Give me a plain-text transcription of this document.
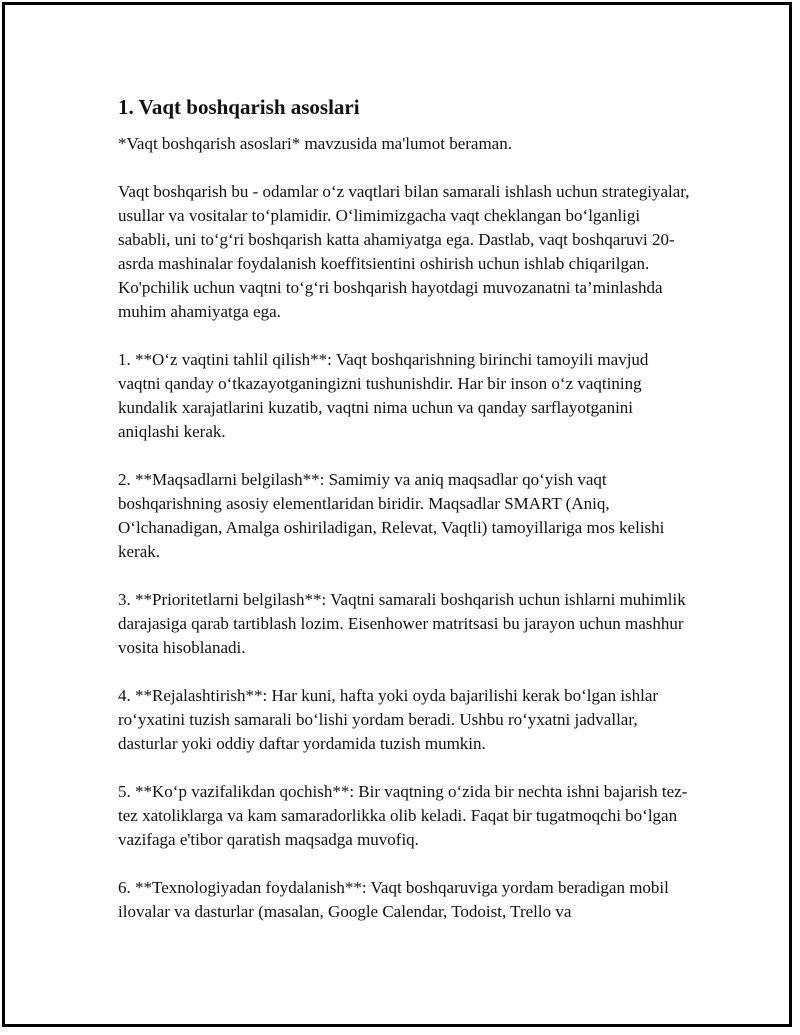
1. Vaqt boshqarish asoslari

*Vaqt boshqarish asoslari* mavzusida ma'lumot beraman.

Vaqt boshqarish bu - odamlar o‘z vaqtlari bilan samarali ishlash uchun strategiyalar, usullar va vositalar to‘plamidir. O‘limimizgacha vaqt cheklangan bo‘lganligi sababli, uni to‘g‘ri boshqarish katta ahamiyatga ega. Dastlab, vaqt boshqaruvi 20-asrda mashinalar foydalanish koeffitsientini oshirish uchun ishlab chiqarilgan. Ko'pchilik uchun vaqtni to‘g‘ri boshqarish hayotdagi muvozanatni ta’minlashda muhim ahamiyatga ega.

1. **O‘z vaqtini tahlil qilish**: Vaqt boshqarishning birinchi tamoyili mavjud vaqtni qanday o‘tkazayotganingizni tushunishdir. Har bir inson o‘z vaqtining kundalik xarajatlarini kuzatib, vaqtni nima uchun va qanday sarflayotganini aniqlashi kerak.

2. **Maqsadlarni belgilash**: Samimiy va aniq maqsadlar qo‘yish vaqt boshqarishning asosiy elementlaridan biridir. Maqsadlar SMART (Aniq, O‘lchanadigan, Amalga oshiriladigan, Relevat, Vaqtli) tamoyillariga mos kelishi kerak.

3. **Prioritetlarni belgilash**: Vaqtni samarali boshqarish uchun ishlarni muhimlik darajasiga qarab tartiblash lozim. Eisenhower matritsasi bu jarayon uchun mashhur vosita hisoblanadi.

4. **Rejalashtirish**: Har kuni, hafta yoki oyda bajarilishi kerak bo‘lgan ishlar ro‘yxatini tuzish samarali bo‘lishi yordam beradi. Ushbu ro‘yxatni jadvallar, dasturlar yoki oddiy daftar yordamida tuzish mumkin.

5. **Ko‘p vazifalikdan qochish**: Bir vaqtning o‘zida bir nechta ishni bajarish tez-tez xatoliklarga va kam samaradorlikka olib keladi. Faqat bir tugatmoqchi bo‘lgan vazifaga e'tibor qaratish maqsadga muvofiq.

6. **Texnologiyadan foydalanish**: Vaqt boshqaruviga yordam beradigan mobil ilovalar va dasturlar (masalan, Google Calendar, Todoist, Trello va
